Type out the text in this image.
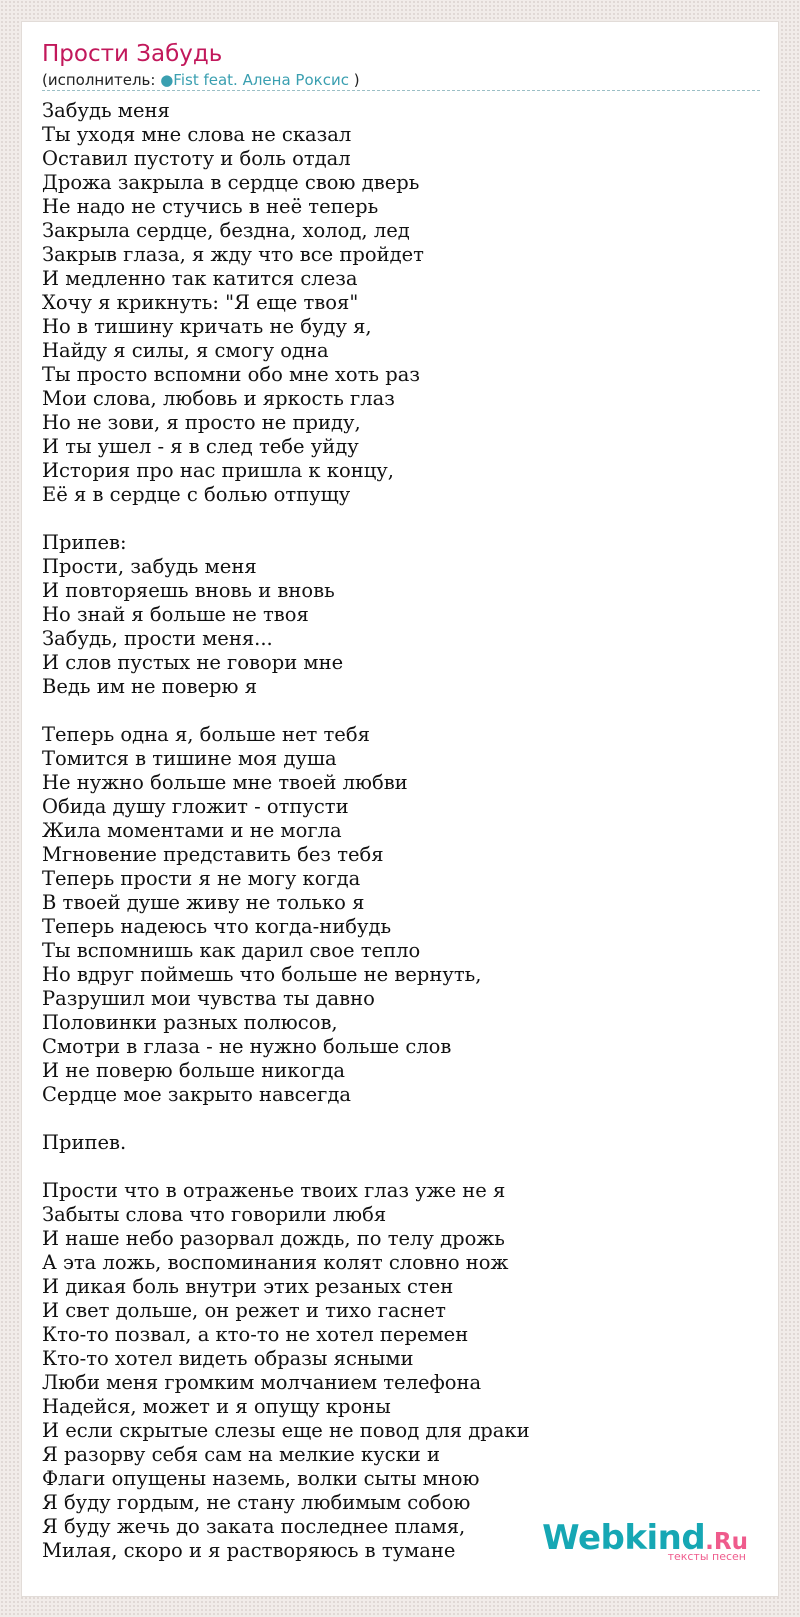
Прости Забудь
(исполнитель: ●Fist feat. Алена Роксис )
Забудь меня
Ты уходя мне слова не сказал
Оставил пустоту и боль отдал
Дрожа закрыла в сердце свою дверь
Не надо не стучись в неё теперь
Закрыла сердце, бездна, холод, лед
Закрыв глаза, я жду что все пройдет
И медленно так катится слеза
Хочу я крикнуть: "Я еще твоя"
Но в тишину кричать не буду я,
Найду я силы, я смогу одна
Ты просто вспомни обо мне хоть раз
Мои слова, любовь и яркость глаз
Но не зови, я просто не приду,
И ты ушел - я в след тебе уйду
История про нас пришла к концу,
Её я в сердце с болью отпущу

Припев:
Прости, забудь меня
И повторяешь вновь и вновь
Но знай я больше не твоя
Забудь, прости меня...
И слов пустых не говори мне
Ведь им не поверю я

Теперь одна я, больше нет тебя
Томится в тишине моя душа
Не нужно больше мне твоей любви
Обида душу гложит - отпусти
Жила моментами и не могла
Мгновение представить без тебя
Теперь прости я не могу когда
В твоей душе живу не только я
Теперь надеюсь что когда-нибудь
Ты вспомнишь как дарил свое тепло
Но вдруг поймешь что больше не вернуть,
Разрушил мои чувства ты давно
Половинки разных полюсов,
Смотри в глаза - не нужно больше слов
И не поверю больше никогда
Сердце мое закрыто навсегда

Припев.

Прости что в отраженье твоих глаз уже не я
Забыты слова что говорили любя
И наше небо разорвал дождь, по телу дрожь
А эта ложь, воспоминания колят словно нож
И дикая боль внутри этих резаных стен
И свет дольше, он режет и тихо гаснет
Кто-то позвал, а кто-то не хотел перемен
Кто-то хотел видеть образы ясными
Люби меня громким молчанием телефона
Надейся, может и я опущу кроны
И если скрытые слезы еще не повод для драки
Я разорву себя сам на мелкие куски и
Флаги опущены наземь, волки сыты мною
Я буду гордым, не стану любимым собою
Я буду жечь до заката последнее пламя,
Милая, скоро и я растворяюсь в тумане	Webkind.Ru
тексты песен
